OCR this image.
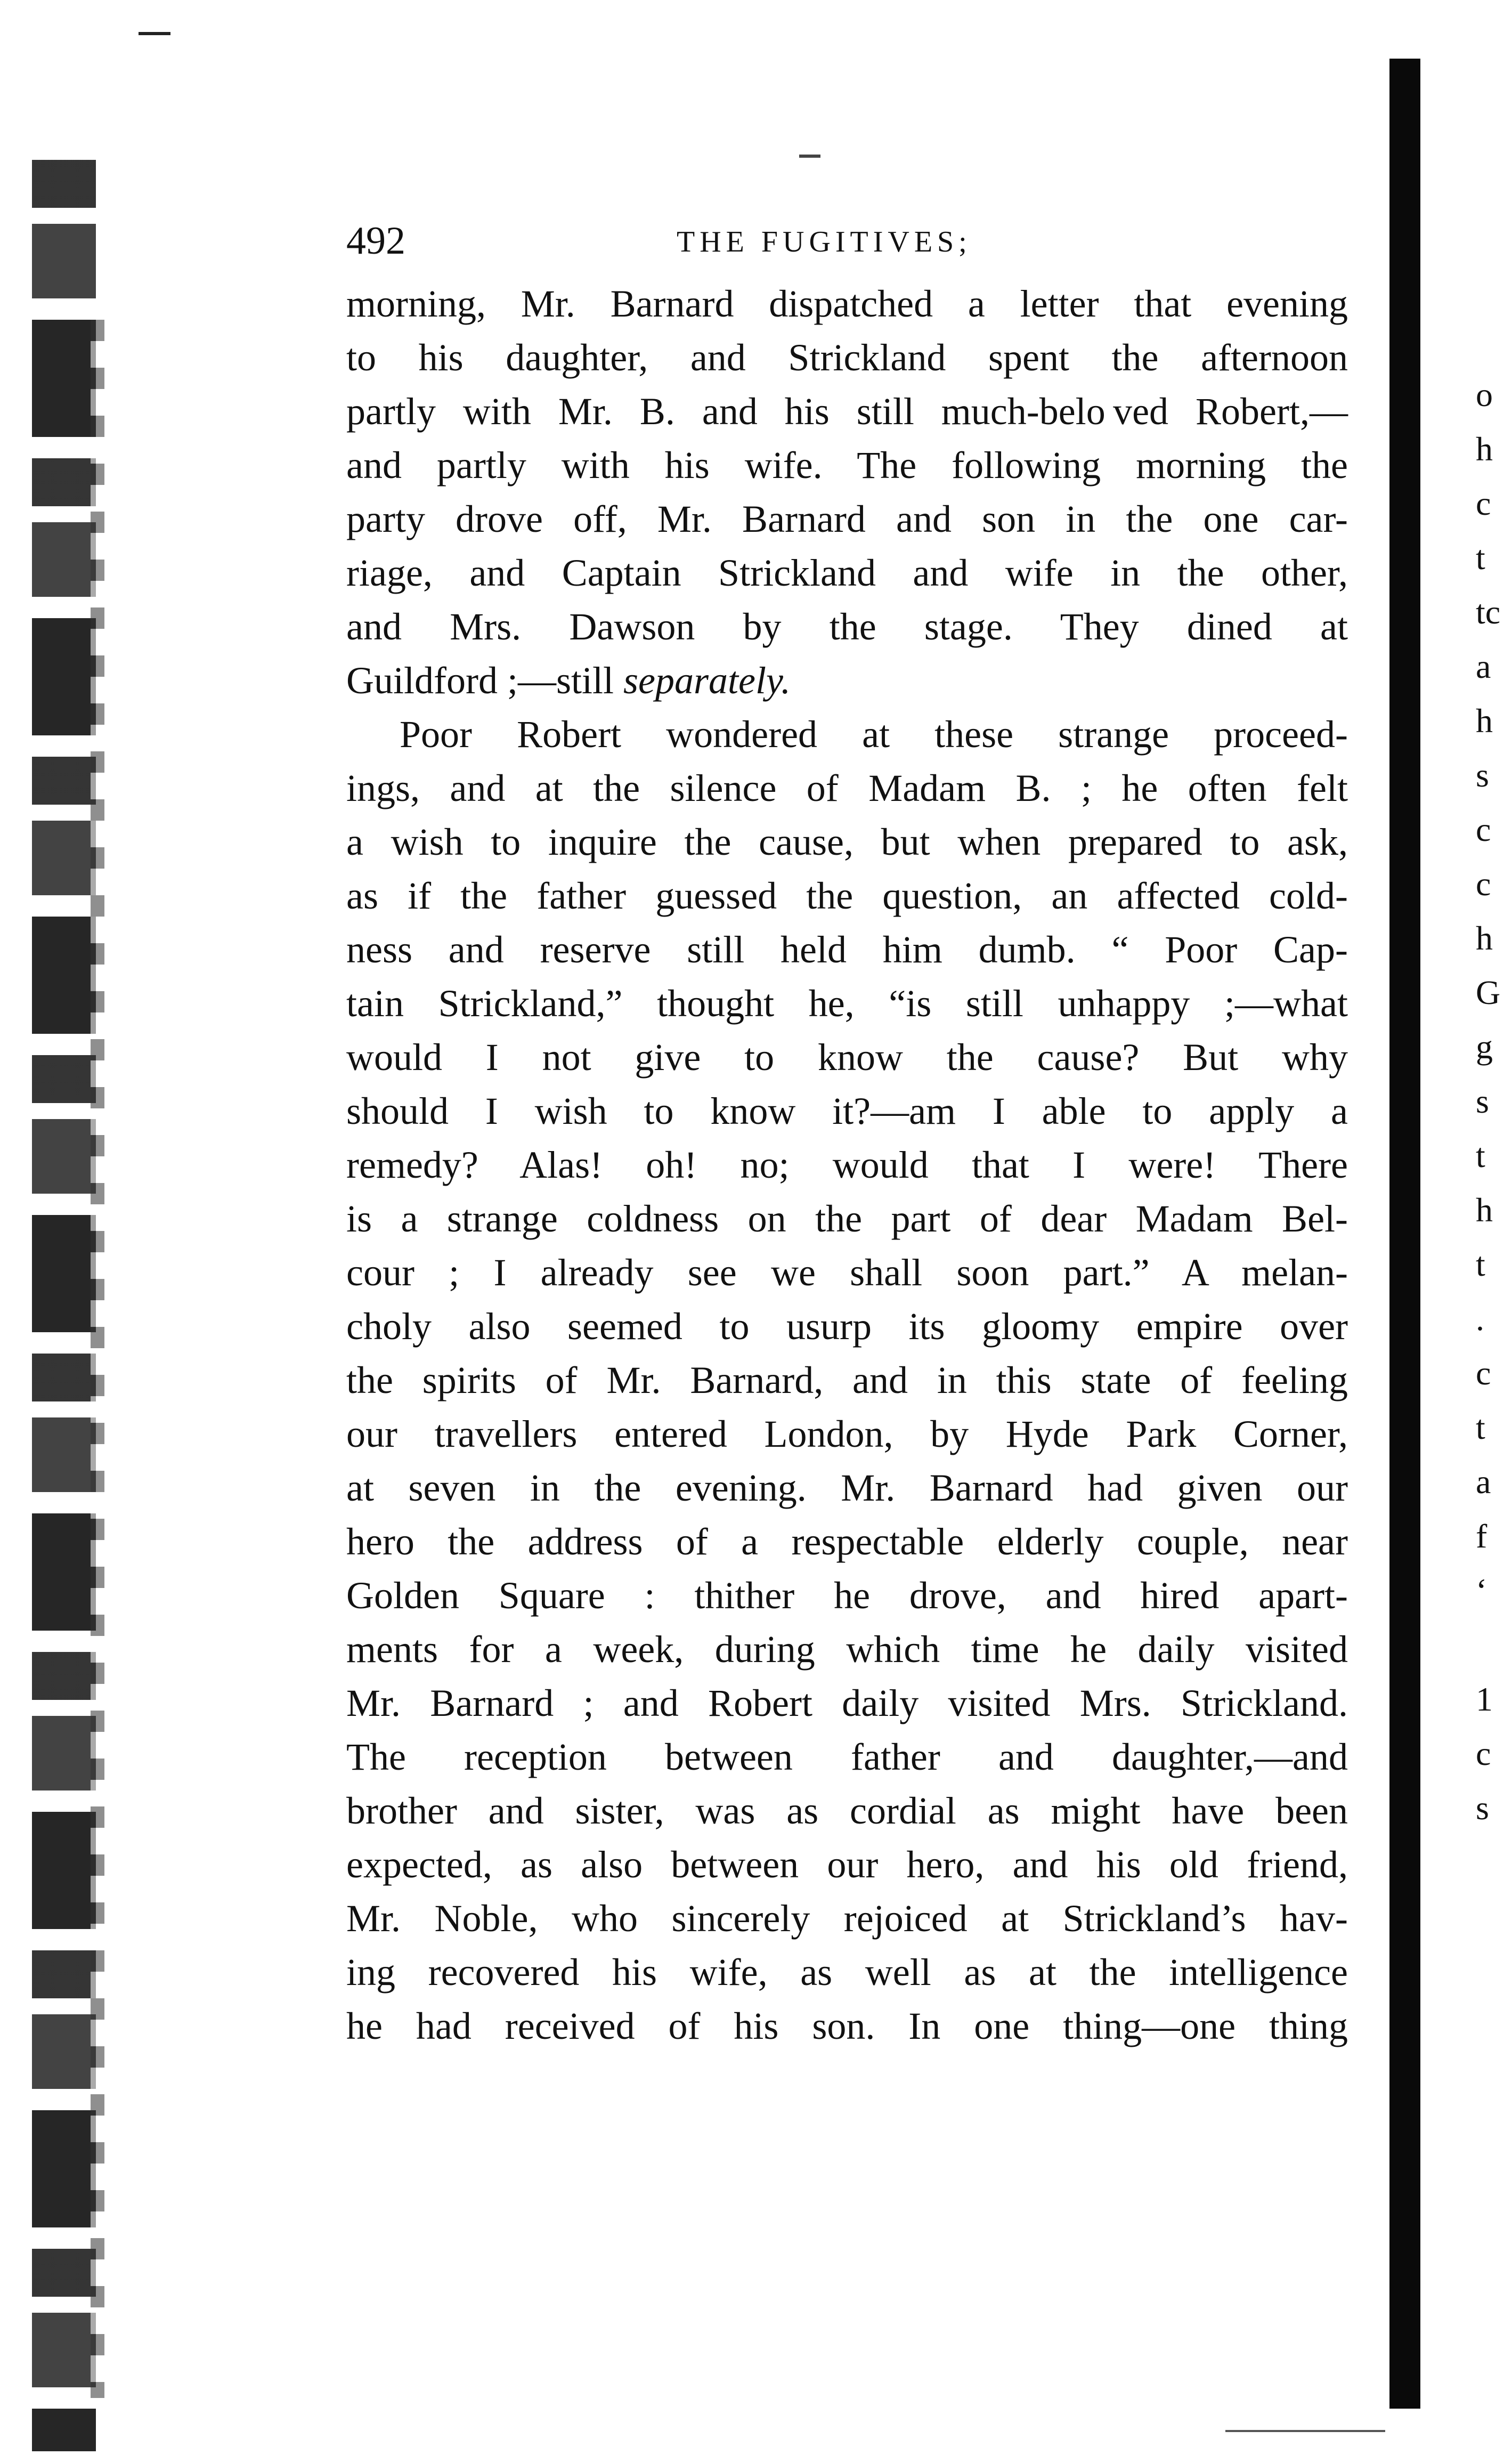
o
h
c
t
tc
a
h
s
c
c
h
G
g
s
t
h
t
.
c
t
a
f
‘

1
c
s
492	THE FUGITIVES;
morning, Mr. Barnard dispatched a letter that evening
to his daughter, and Strickland spent the afternoon
partly with Mr. B. and his still much-belo ved Robert,—
and partly with his wife. The following morning the
party drove off, Mr. Barnard and son in the one car-
riage, and Captain Strickland and wife in the other,
and Mrs. Dawson by the stage. They dined at
Guildford ;—still separately.
Poor Robert wondered at these strange proceed-
ings, and at the silence of Madam B. ; he often felt
a wish to inquire the cause, but when prepared to ask,
as if the father guessed the question, an affected cold-
ness and reserve still held him dumb. “ Poor Cap-
tain Strickland,” thought he, “is still unhappy ;—what
would I not give to know the cause? But why
should I wish to know it?—am I able to apply a
remedy? Alas! oh! no; would that I were! There
is a strange coldness on the part of dear Madam Bel-
cour ; I already see we shall soon part.” A melan-
choly also seemed to usurp its gloomy empire over
the spirits of Mr. Barnard, and in this state of feeling
our travellers entered London, by Hyde Park Corner,
at seven in the evening. Mr. Barnard had given our
hero the address of a respectable elderly couple, near
Golden Square : thither he drove, and hired apart-
ments for a week, during which time he daily visited
Mr. Barnard ; and Robert daily visited Mrs. Strickland.
The reception between father and daughter,—and
brother and sister, was as cordial as might have been
expected, as also between our hero, and his old friend,
Mr. Noble, who sincerely rejoiced at Strickland’s hav-
ing recovered his wife, as well as at the intelligence
he had received of his son. In one thing—one thing
